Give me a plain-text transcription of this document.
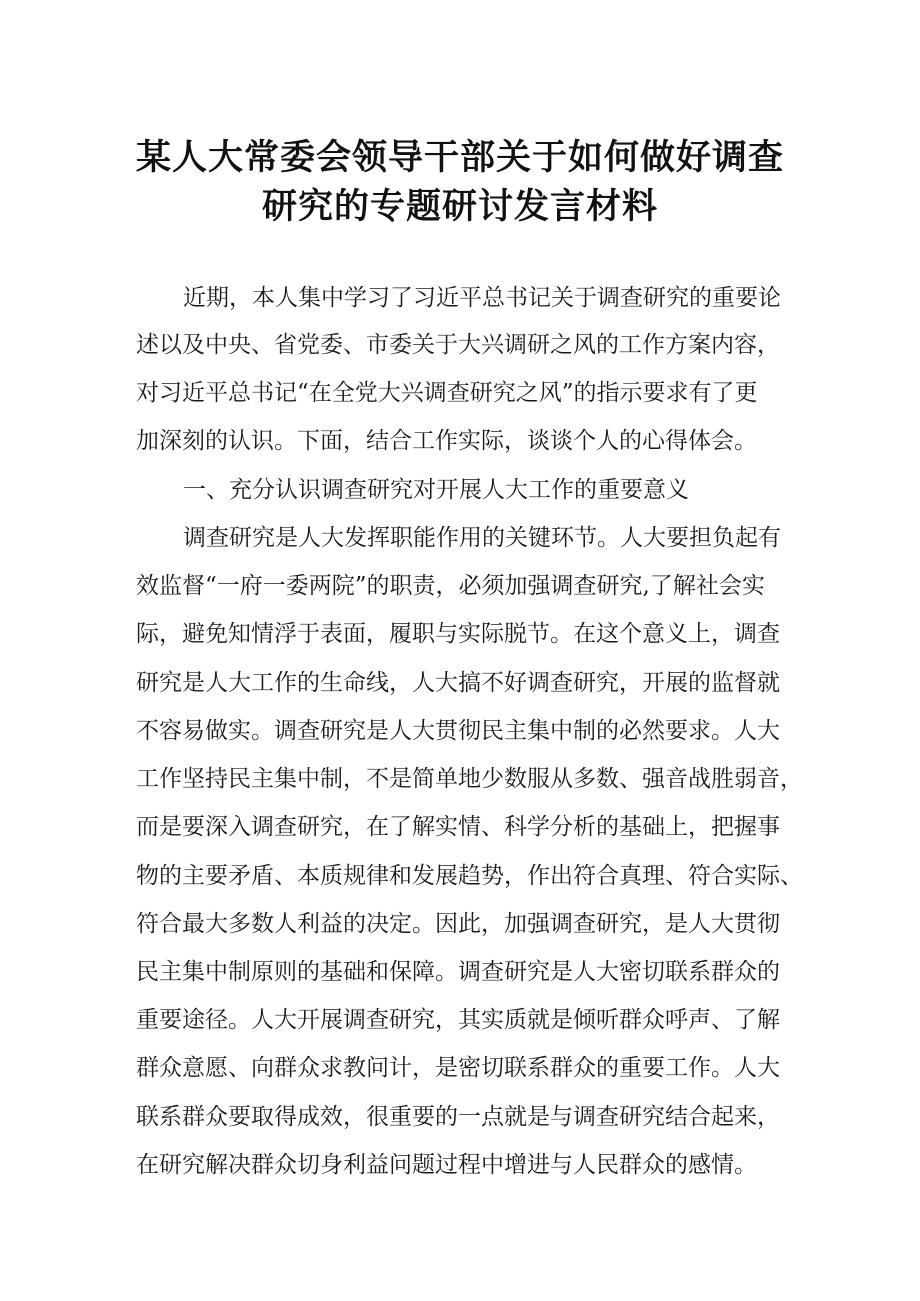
某人大常委会领导干部关于如何做好调查
研究的专题研讨发言材料
近期，本人集中学习了习近平总书记关于调查研究的重要论
述以及中央、省党委、市委关于大兴调研之风的工作方案内容，
对习近平总书记“在全党大兴调查研究之风”的指示要求有了更
加深刻的认识。下面，结合工作实际，谈谈个人的心得体会。
一、充分认识调查研究对开展人大工作的重要意义
调查研究是人大发挥职能作用的关键环节。人大要担负起有
效监督“一府一委两院”的职责，必须加强调查研究,了解社会实
际，避免知情浮于表面，履职与实际脱节。在这个意义上，调查
研究是人大工作的生命线，人大搞不好调查研究，开展的监督就
不容易做实。调查研究是人大贯彻民主集中制的必然要求。人大
工作坚持民主集中制，不是简单地少数服从多数、强音战胜弱音，
而是要深入调查研究，在了解实情、科学分析的基础上，把握事
物的主要矛盾、本质规律和发展趋势，作出符合真理、符合实际、
符合最大多数人利益的决定。因此，加强调查研究，是人大贯彻
民主集中制原则的基础和保障。调查研究是人大密切联系群众的
重要途径。人大开展调查研究，其实质就是倾听群众呼声、了解
群众意愿、向群众求教问计，是密切联系群众的重要工作。人大
联系群众要取得成效，很重要的一点就是与调查研究结合起来，
在研究解决群众切身利益问题过程中增进与人民群众的感情。
